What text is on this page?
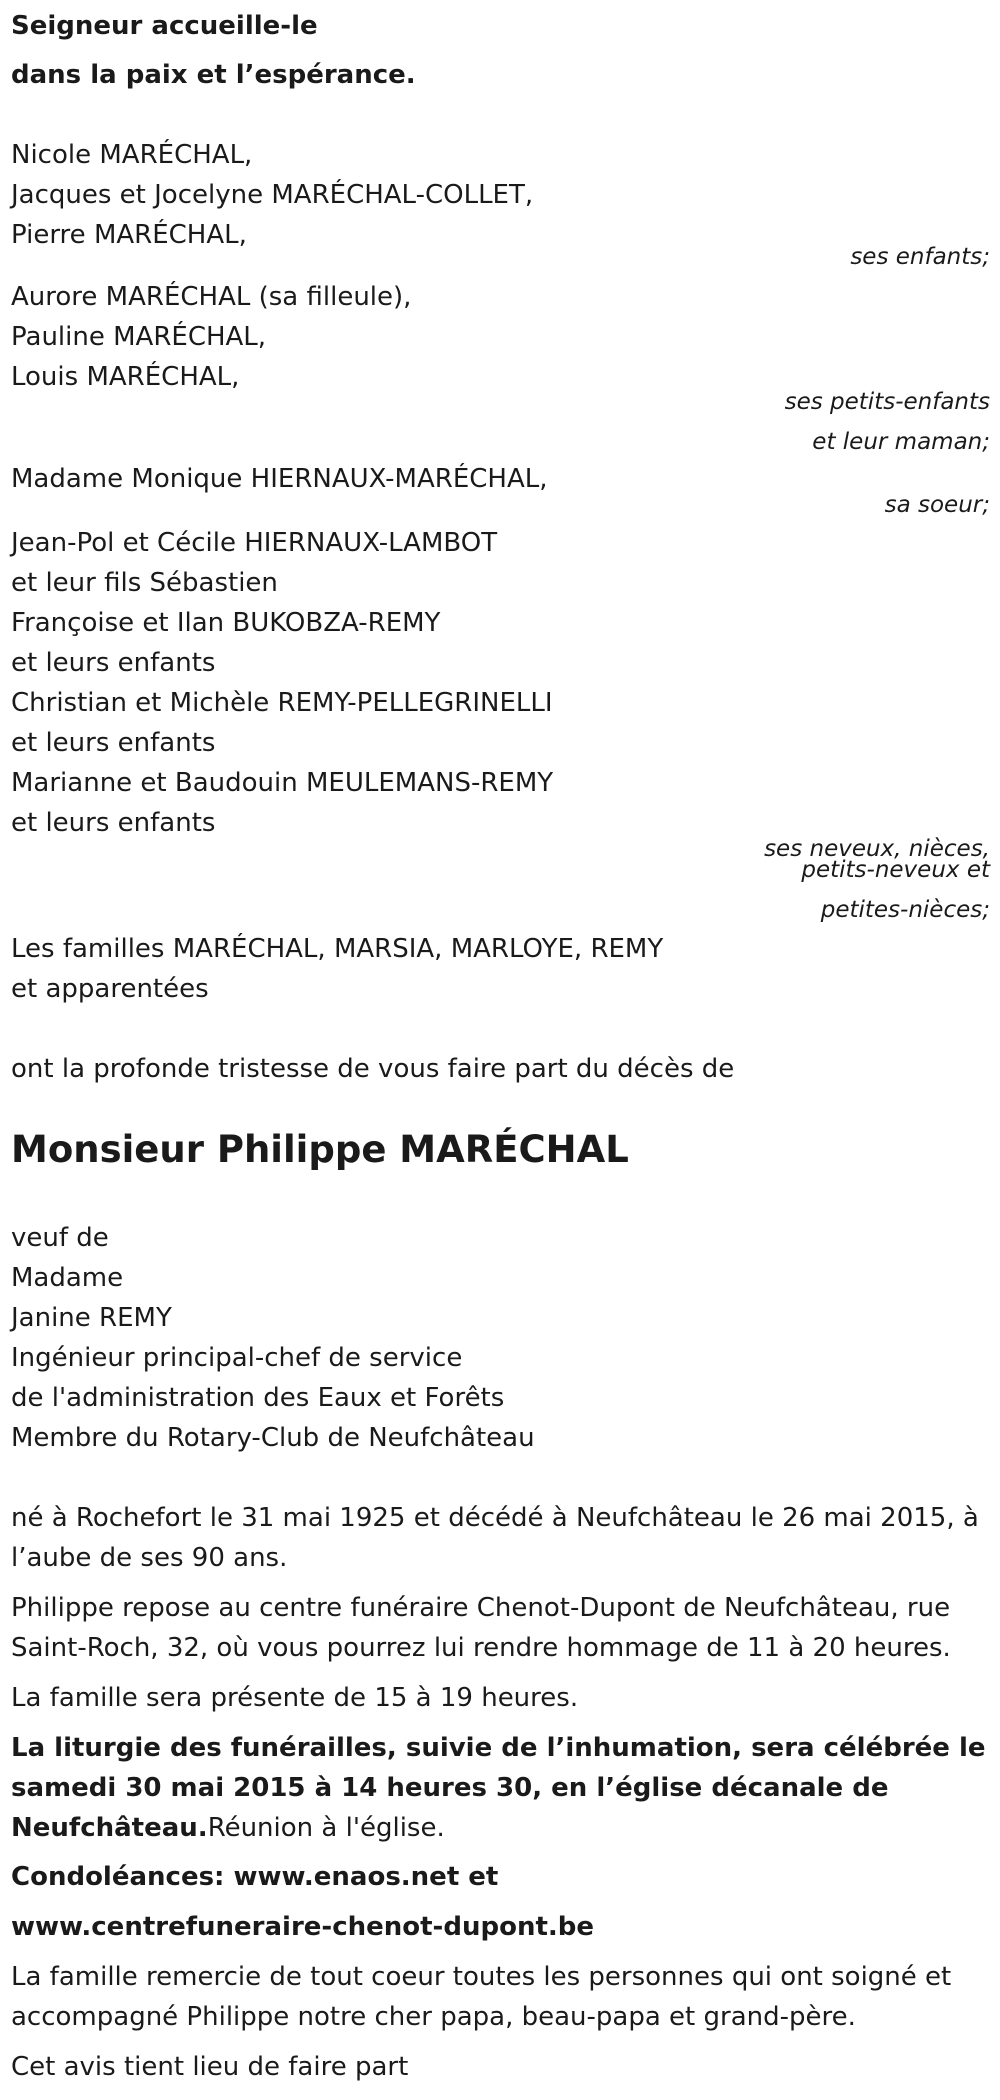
Seigneur accueille-le
dans la paix et l’espérance.
Nicole MARÉCHAL,
Jacques et Jocelyne MARÉCHAL-COLLET,
Pierre MARÉCHAL,
ses enfants;
Aurore MARÉCHAL (sa filleule),
Pauline MARÉCHAL,
Louis MARÉCHAL,
ses petits-enfants
et leur maman;
Madame Monique HIERNAUX-MARÉCHAL,
sa soeur;
Jean-Pol et Cécile HIERNAUX-LAMBOT
et leur fils Sébastien
Françoise et Ilan BUKOBZA-REMY
et leurs enfants
Christian et Michèle REMY-PELLEGRINELLI
et leurs enfants
Marianne et Baudouin MEULEMANS-REMY
et leurs enfants
ses neveux, nièces,
petits-neveux et
petites-nièces;
Les familles MARÉCHAL, MARSIA, MARLOYE, REMY
et apparentées
ont la profonde tristesse de vous faire part du décès de
Monsieur Philippe MARÉCHAL
veuf de
Madame
Janine REMY
Ingénieur principal-chef de service
de l'administration des Eaux et Forêts
Membre du Rotary-Club de Neufchâteau
né à Rochefort le 31 mai 1925 et décédé à Neufchâteau le 26 mai 2015, à l’aube de ses 90 ans.
Philippe repose au centre funéraire Chenot-Dupont de Neufchâteau, rue Saint-Roch, 32, où vous pourrez lui rendre hommage de 11 à 20 heures.
La famille sera présente de 15 à 19 heures.
La liturgie des funérailles, suivie de l’inhumation, sera célébrée le samedi 30 mai 2015 à 14 heures 30, en l’église décanale de Neufchâteau.Réunion à l'église.
Condoléances: www.enaos.net et
www.centrefuneraire-chenot-dupont.be
La famille remercie de tout coeur toutes les personnes qui ont soigné et accompagné Philippe notre cher papa, beau-papa et grand-père.
Cet avis tient lieu de faire part
